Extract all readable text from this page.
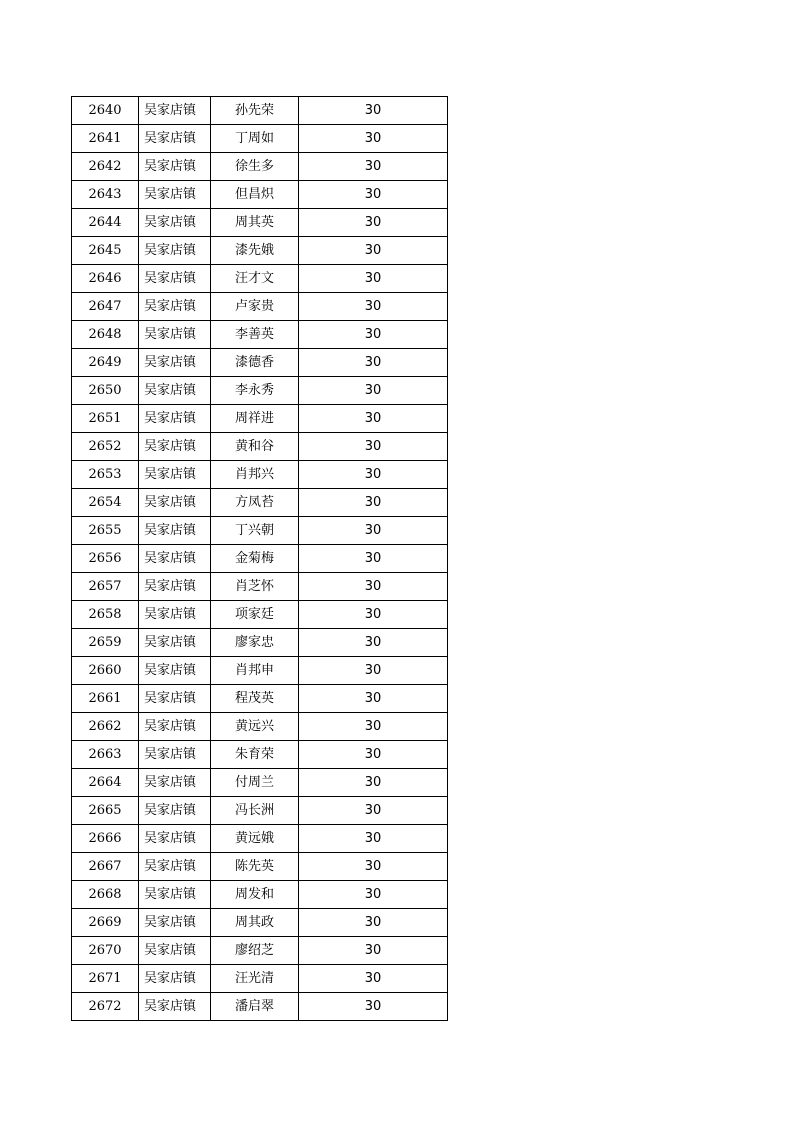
2640	吴家店镇	孙先荣	30
2641	吴家店镇	丁周如	30
2642	吴家店镇	徐生多	30
2643	吴家店镇	但昌炽	30
2644	吴家店镇	周其英	30
2645	吴家店镇	漆先娥	30
2646	吴家店镇	汪才文	30
2647	吴家店镇	卢家贵	30
2648	吴家店镇	李善英	30
2649	吴家店镇	漆德香	30
2650	吴家店镇	李永秀	30
2651	吴家店镇	周祥进	30
2652	吴家店镇	黄和谷	30
2653	吴家店镇	肖邦兴	30
2654	吴家店镇	方凤苔	30
2655	吴家店镇	丁兴朝	30
2656	吴家店镇	金菊梅	30
2657	吴家店镇	肖芝怀	30
2658	吴家店镇	项家廷	30
2659	吴家店镇	廖家忠	30
2660	吴家店镇	肖邦申	30
2661	吴家店镇	程茂英	30
2662	吴家店镇	黄远兴	30
2663	吴家店镇	朱育荣	30
2664	吴家店镇	付周兰	30
2665	吴家店镇	冯长洲	30
2666	吴家店镇	黄远娥	30
2667	吴家店镇	陈先英	30
2668	吴家店镇	周发和	30
2669	吴家店镇	周其政	30
2670	吴家店镇	廖绍芝	30
2671	吴家店镇	汪光清	30
2672	吴家店镇	潘启翠	30
